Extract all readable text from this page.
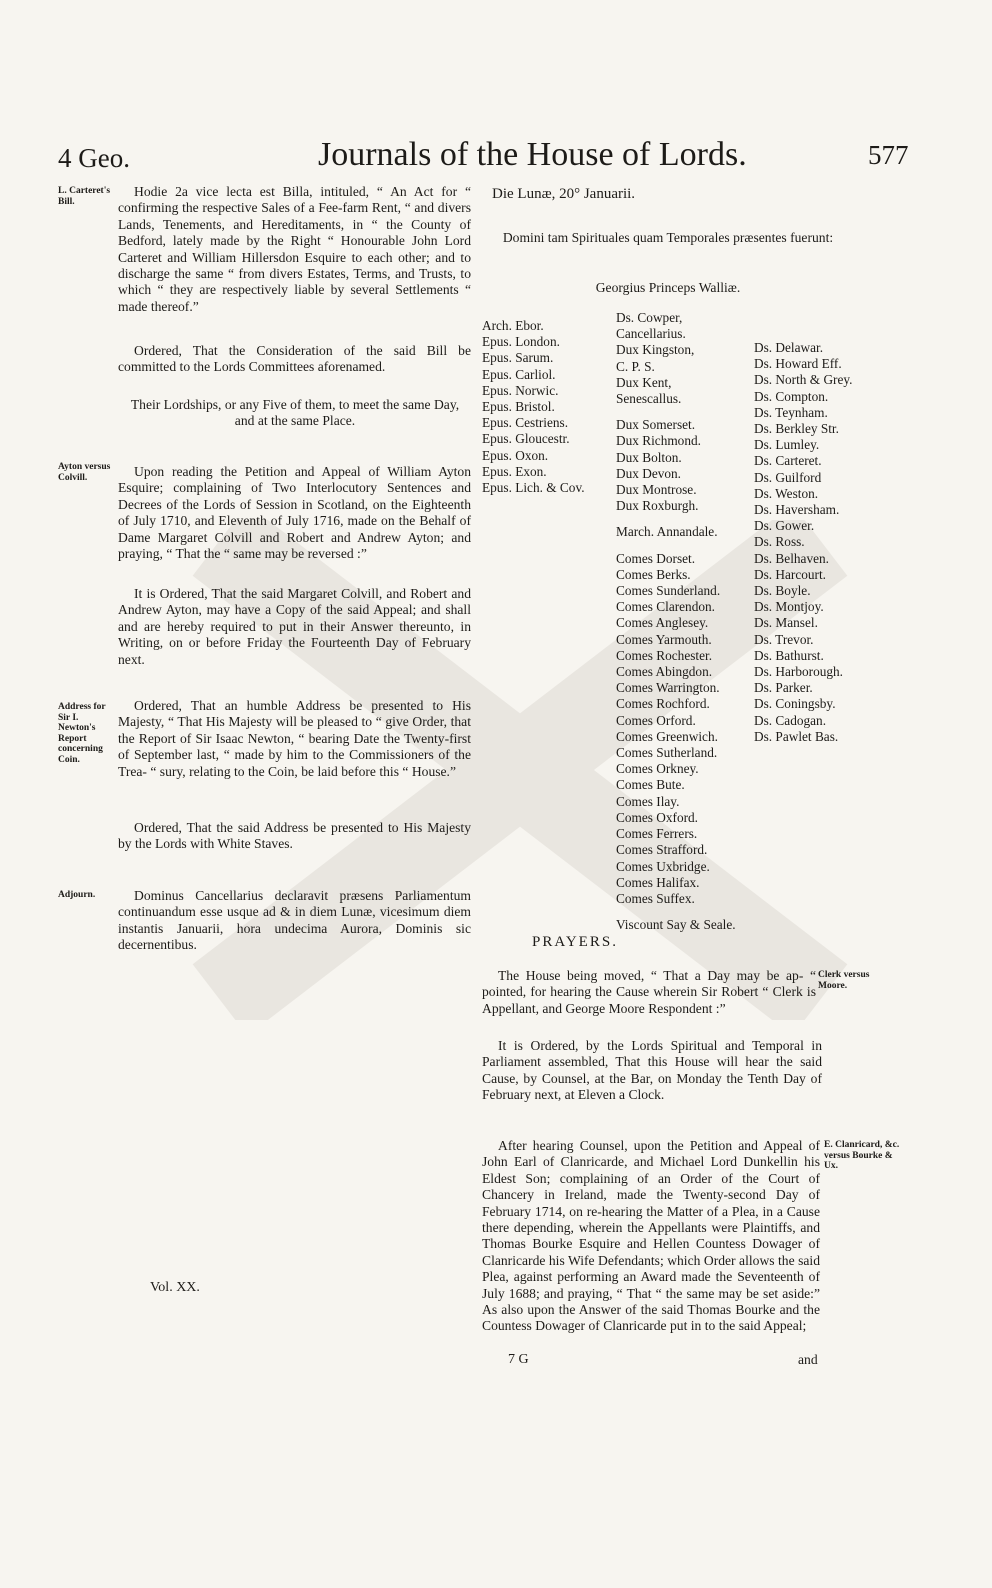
4 Geo.	Journals of the House of Lords.	577
L. Carteret's Bill.
Ayton versus Colvill.
Address for Sir I. Newton's Report concerning Coin.
Adjourn.

Hodie 2a vice lecta est Billa, intituled, “ An Act for “ confirming the respective Sales of a Fee-farm Rent, “ and divers Lands, Tenements, and Hereditaments, in “ the County of Bedford, lately made by the Right “ Honourable John Lord Carteret and William Hillersdon Esquire to each other; and to discharge the same “ from divers Estates, Terms, and Trusts, to which “ they are respectively liable by several Settlements “ made thereof.”

Ordered, That the Consideration of the said Bill be committed to the Lords Committees aforenamed.

Their Lordships, or any Five of them, to meet the same Day, and at the same Place.

Upon reading the Petition and Appeal of William Ayton Esquire; complaining of Two Interlocutory Sentences and Decrees of the Lords of Session in Scotland, on the Eighteenth of July 1710, and Eleventh of July 1716, made on the Behalf of Dame Margaret Colvill and Robert and Andrew Ayton; and praying, “ That the “ same may be reversed :”

It is Ordered, That the said Margaret Colvill, and Robert and Andrew Ayton, may have a Copy of the said Appeal; and shall and are hereby required to put in their Answer thereunto, in Writing, on or before Friday the Fourteenth Day of February next.

Ordered, That an humble Address be presented to His Majesty, “ That His Majesty will be pleased to “ give Order, that the Report of Sir Isaac Newton, “ bearing Date the Twenty-first of September last, “ made by him to the Commissioners of the Trea- “ sury, relating to the Coin, be laid before this “ House.”

Ordered, That the said Address be presented to His Majesty by the Lords with White Staves.

Dominus Cancellarius declaravit præsens Parliamentum continuandum esse usque ad & in diem Lunæ, vicesimum diem instantis Januarii, hora undecima Aurora, Dominis sic decernentibus.

Die Lunæ, 20° Januarii.
Domini tam Spirituales quam Temporales præsentes fuerunt:
Georgius Princeps Walliæ.
Arch. Ebor.
Epus. London.
Epus. Sarum.
Epus. Carliol.
Epus. Norwic.
Epus. Bristol.
Epus. Cestriens.
Epus. Gloucestr.
Epus. Oxon.
Epus. Exon.
Epus. Lich. & Cov.
Ds. Cowper,
Cancellarius.
Dux Kingston,
C. P. S.
Dux Kent,
Senescallus.
Dux Somerset.
Dux Richmond.
Dux Bolton.
Dux Devon.
Dux Montrose.
Dux Roxburgh.
March. Annandale.
Comes Dorset.
Comes Berks.
Comes Sunderland.
Comes Clarendon.
Comes Anglesey.
Comes Yarmouth.
Comes Rochester.
Comes Abingdon.
Comes Warrington.
Comes Rochford.
Comes Orford.
Comes Greenwich.
Comes Sutherland.
Comes Orkney.
Comes Bute.
Comes Ilay.
Comes Oxford.
Comes Ferrers.
Comes Strafford.
Comes Uxbridge.
Comes Halifax.
Comes Suffex.
Viscount Say & Seale.
Ds. Delawar.
Ds. Howard Eff.
Ds. North & Grey.
Ds. Compton.
Ds. Teynham.
Ds. Berkley Str.
Ds. Lumley.
Ds. Carteret.
Ds. Guilford
Ds. Weston.
Ds. Haversham.
Ds. Gower.
Ds. Ross.
Ds. Belhaven.
Ds. Harcourt.
Ds. Boyle.
Ds. Montjoy.
Ds. Mansel.
Ds. Trevor.
Ds. Bathurst.
Ds. Harborough.
Ds. Parker.
Ds. Coningsby.
Ds. Cadogan.
Ds. Pawlet Bas.
PRAYERS.
Clerk versus Moore.
E. Clanricard, &c. versus Bourke & Ux.

The House being moved, “ That a Day may be ap- “ pointed, for hearing the Cause wherein Sir Robert “ Clerk is Appellant, and George Moore Respondent :”

It is Ordered, by the Lords Spiritual and Temporal in Parliament assembled, That this House will hear the said Cause, by Counsel, at the Bar, on Monday the Tenth Day of February next, at Eleven a Clock.

After hearing Counsel, upon the Petition and Appeal of John Earl of Clanricarde, and Michael Lord Dunkellin his Eldest Son; complaining of an Order of the Court of Chancery in Ireland, made the Twenty-second Day of February 1714, on re-hearing the Matter of a Plea, in a Cause there depending, wherein the Appellants were Plaintiffs, and Thomas Bourke Esquire and Hellen Countess Dowager of Clanricarde his Wife Defendants; which Order allows the said Plea, against performing an Award made the Seventeenth of July 1688; and praying, “ That “ the same may be set aside:” As also upon the Answer of the said Thomas Bourke and the Countess Dowager of Clanricarde put in to the said Appeal;

and
Vol. XX.
7 G
